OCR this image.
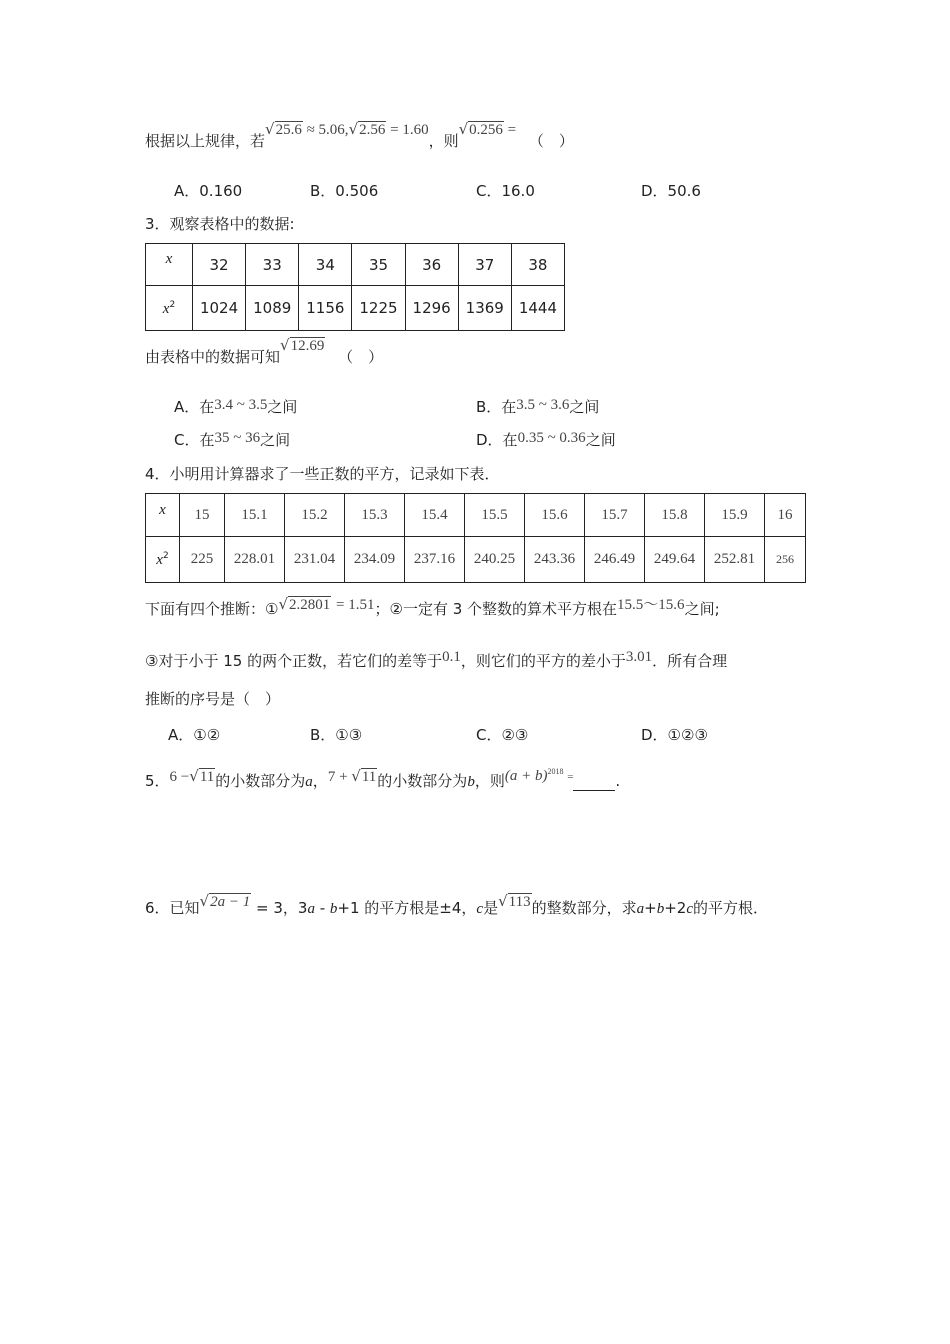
根据以上规律，若√25.6 ≈ 5.06,√2.56 = 1.60，则√0.256 = （　）
A．0.160	B．0.506	C．16.0	D．50.6
3．观察表格中的数据:
x	32	33	34	35	36	37	38
$x^2$	1024	1089	1156	1225	1296	1369	1444
由表格中的数据可知√12.69 （　）
A．在3.4 ~ 3.5之间	B．在3.5 ~ 3.6之间
C．在35 ~ 36之间	D．在0.35 ~ 0.36之间
4．小明用计算器求了一些正数的平方，记录如下表．
x	15	15.1	15.2	15.3	15.4	15.5	15.6	15.7	15.8	15.9	16
$x^2$	225	228.01	231.04	234.09	237.16	240.25	243.36	246.49	249.64	252.81	256
下面有四个推断：①√2.2801 = 1.51；②一定有 3 个整数的算术平方根在15.5～15.6之间;
③对于小于 15 的两个正数，若它们的差等于0.1，则它们的平方的差小于3.01．所有合理
推断的序号是（　）
A．①②	B．①③	C．②③	D．①②③
5．6 −√11的小数部分为a，7 + √11的小数部分为b，则$(a + b)^{2018}$ =	.
6．已知√2a − 1 = 3，3a - b+1 的平方根是±4，c是√113的整数部分，求a+b+2c的平方根．
